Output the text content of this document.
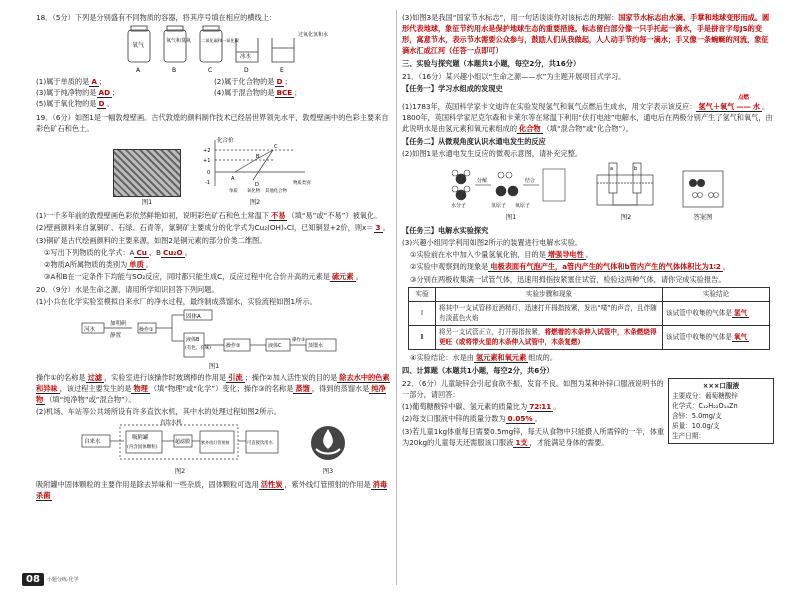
18．（5分）下列是分别盛有不同物质的容器，将其序号填在相应的横线上：

氧气
氧气和臭氧 二氧化碳和一氧化碳
冰水
过氧化氢和水
A	B	C	D	E
(1)属于单质的是 A ；	(2)属于化合物的是 D ；
(3)属于纯净物的是 AD ；	(4)属于混合物的是 BCE ；
(5)属于氧化物的是 D 。

19．（6分）如图1是一幅敦煌壁画。古代敦煌的颜料制作技术已经居世界领先水平，敦煌壁画中的色彩主要来自彩色矿石和色土。

图1
化合价
+2
+1
0
-1
A
B
C
D
单质 氧化物 其他化合物
物质类别
图2

(1)一千多年前的敦煌壁画色彩依然鲜艳如初，说明彩色矿石和色土常温下 不易 （填“易”或“不易”）被氧化。

(2)壁画颜料来自氯铜矿、石绿、石青等，氯铜矿主要成分的化学式为Cu₂(OH)ₓCl，已知铜显+2价，则x＝ 3 。

(3)铜矿是古代绘画颜料的主要来源，如图2是铜元素的部分价类二维图。

①写出下列物质的化学式：A Cu 、B Cu₂O 。

②物质A所属物质的类别为 单质 。

③A和B在一定条件下均能与SO₂反应，同时都只能生成C，反应过程中化合价升高的元素是 硫元素 。

20．（9分）水是生命之源，请用所学知识回答下列问题。

(1)小兵在化学实验室模拟自来水厂的净水过程，最终制成蒸馏水，实验流程如图1所示。

河水
加明矾
静置
操作①
固体A
液体B
(有色、有味)	操作②	液体C
操作③
蒸馏水
图1

操作①的名称是 过滤 ，实验室进行该操作时玻璃棒的作用是 引流 ；操作②加入活性炭的目的是 除去水中的色素和异味 ，该过程主要发生的是 物理 （填“物理”或“化学”）变化；操作③的名称是 蒸馏 ，得到的蒸馏水是 纯净物 （填“纯净物”或“混合物”）。

(2)机场、车站等公共场所设有许多直饮水机，其中水的处理过程如图2所示。

自来水
吸附罐
(内含固体颗粒)
直饮水机
超滤膜	紫外线灯管照射	可直接饮用水
图2	图3

吸附罐中固体颗粒的主要作用是除去异味和一些杂质，固体颗粒可选用 活性炭 ，紫外线灯管照射的作用是 消毒杀菌

(3)如图3是我国“国家节水标志”，用一句话谈谈你对该标志的理解：国家节水标志由水滴、手掌和地球变形而成。圆形代表地球，象征节约用水是保护地球生态的重要措施。标志留白部分像一只手托起一滴水，手是拼音字母JS的变形，寓意节水，表示节水需要公众参与，鼓励人们从我做起，人人动手节约每一滴水；手又像一条蜿蜒的河流，象征滴水汇成江河（任答一点即可）

三、实验与探究题（本题共1小题，每空2分，共16分）

21．（16分）某兴趣小组以“生命之源——水”为主题开展项目式学习。

【任务一】学习水组成的发现史

(1)1783年，英国科学家卡文迪许在实验发现氢气和氧气点燃后生成水，用文字表示该反应： 氢气＋氧气
点燃
—— 水 。1800年，英国科学家尼克尔森和卡莱尔等在常温下利用“伏打电池”电解水，通电后在两极分别产生了氢气和氧气，由此说明水是由氢元素和氧元素组成的 化合物 （填“混合物”或“化合物”）。

【任务二】从微观角度认识水通电发生的反应

(2)如图1是水通电发生反应的微观示意图，请补充完整。

分解	结合
水分子	氢原子 氧原子
图1
a	b
图2	答案图

【任务三】电解水实验探究

(3)兴趣小组同学利用如图2所示的装置进行电解水实验。

①实验前在水中加入少量氢氧化钠，目的是 增强导电性 。

②实验中观察到的现象是 电极表面有气泡产生，a管内产生的气体和b管内产生的气体体积比为1∶2 。

③分别在两极收集满一试管气体，迅速用拇指按紧塞住试管，检验这两种气体，请你完成实验报告。

实验	实验步骤和现象	实验结论
Ⅰ	将其中一支试管移近酒精灯，迅速打开拇指按紧，发出“噗”的声音，且伴随有淡蓝色火焰	该试管中收集的气体是 氢气
Ⅱ	将另一支试管正立，打开拇指按紧，将燃着的木条伸入试管中，木条燃烧得更旺（或将带火星的木条伸入试管中，木条复燃）	该试管中收集的气体是 氧气

④实验结论：水是由 氢元素和氧元素 组成的。

四、计算题（本题共1小题，每空2分，共6分）

×××口服液
主要成分：葡萄糖酸锌
化学式：C₁₂H₂₂O₁₄Zn
含锌：5.0mg/支
质量：10.0g/支
生产日期：

22．（6分）儿童缺锌会引起食欲不振、发育不良。如图为某种补锌口服液说明书的一部分，请回答：

(1)葡萄糖酸锌中碳、氢元素的质量比为 72∶11 。

(2)每支口服液中锌的质量分数为 0.05% 。

(3)若儿童1kg体重每日需要0.5mg锌，每天从食物中只能摄入所需锌的一半，体重为20kg的儿童每天还需服该口服液 1支 ，才能满足身体的需要。

08	小题分练·化学
